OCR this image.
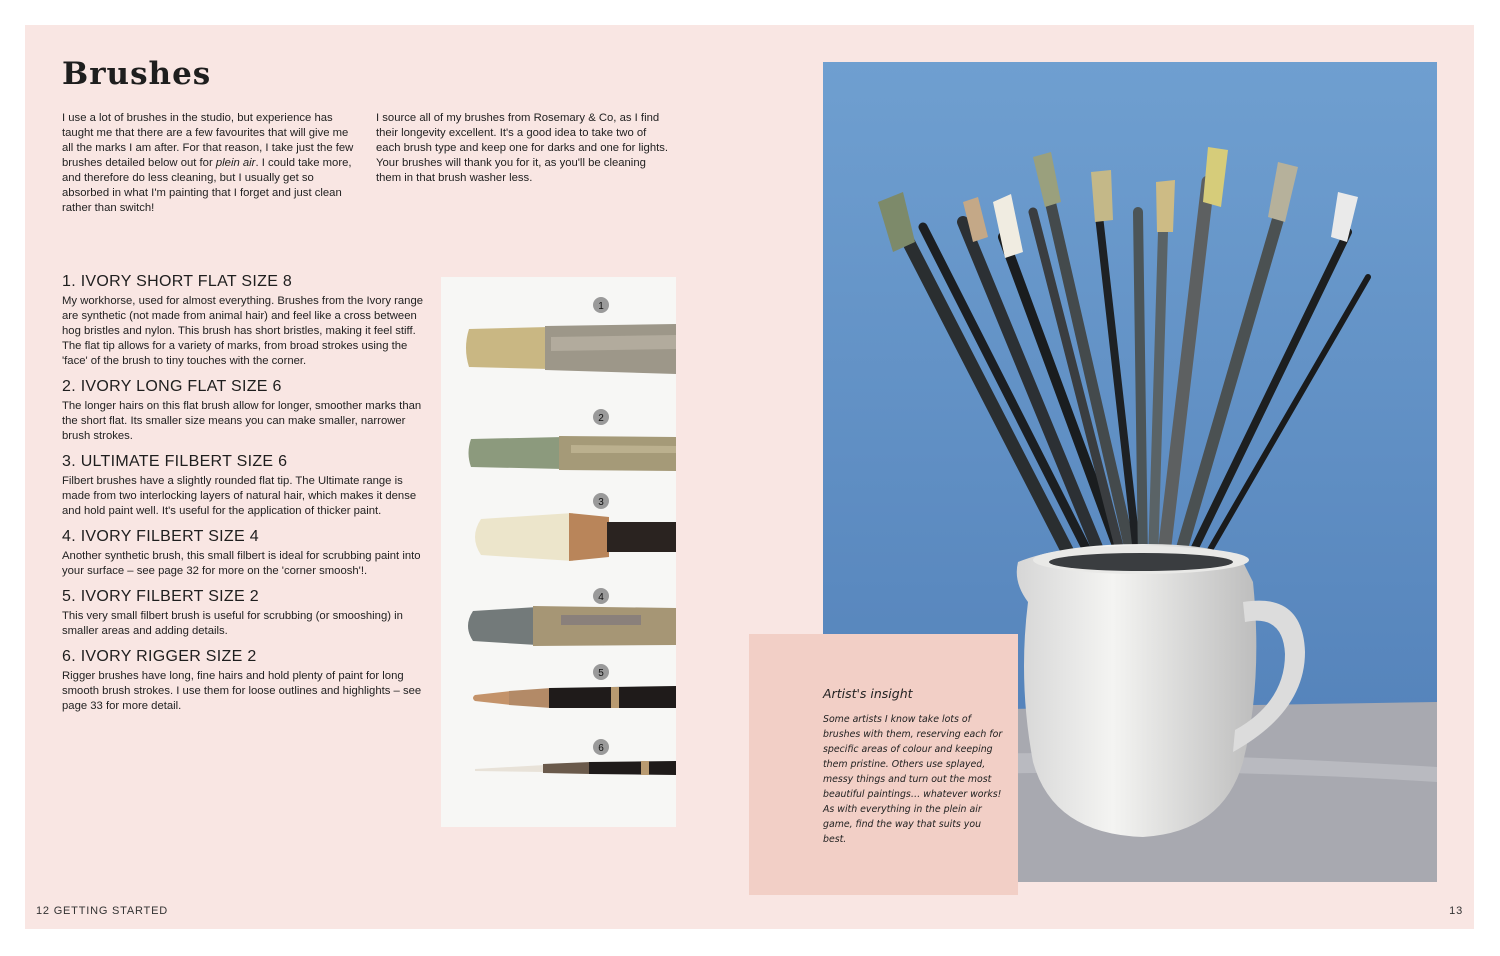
Brushes

I use a lot of brushes in the studio, but experience has taught me that there are a few favourites that will give me all the marks I am after. For that reason, I take just the few brushes detailed below out for plein air. I could take more, and therefore do less cleaning, but I usually get so absorbed in what I'm painting that I forget and just clean rather than switch!

I source all of my brushes from Rosemary & Co, as I find their longevity excellent. It's a good idea to take two of each brush type and keep one for darks and one for lights. Your brushes will thank you for it, as you'll be cleaning them in that brush washer less.

1. IVORY SHORT FLAT SIZE 8

My workhorse, used for almost everything. Brushes from the Ivory range are synthetic (not made from animal hair) and feel like a cross between hog bristles and nylon. This brush has short bristles, making it feel stiff. The flat tip allows for a variety of marks, from broad strokes using the 'face' of the brush to tiny touches with the corner.

2. IVORY LONG FLAT SIZE 6

The longer hairs on this flat brush allow for longer, smoother marks than the short flat. Its smaller size means you can make smaller, narrower brush strokes.

3. ULTIMATE FILBERT SIZE 6

Filbert brushes have a slightly rounded flat tip. The Ultimate range is made from two interlocking layers of natural hair, which makes it dense and hold paint well. It's useful for the application of thicker paint.

4. IVORY FILBERT SIZE 4

Another synthetic brush, this small filbert is ideal for scrubbing paint into your surface – see page 32 for more on the 'corner smoosh'!.

5. IVORY FILBERT SIZE 2

This very small filbert brush is useful for scrubbing (or smooshing) in smaller areas and adding details.

6. IVORY RIGGER SIZE 2

Rigger brushes have long, fine hairs and hold plenty of paint for long smooth brush strokes. I use them for loose outlines and highlights – see page 33 for more detail.

1
2
3
4
5
6
Artist's insight

Some artists I know take lots of brushes with them, reserving each for specific areas of colour and keeping them pristine. Others use splayed, messy things and turn out the most beautiful paintings… whatever works! As with everything in the plein air game, find the way that suits you best.

12 GETTING STARTED	13
